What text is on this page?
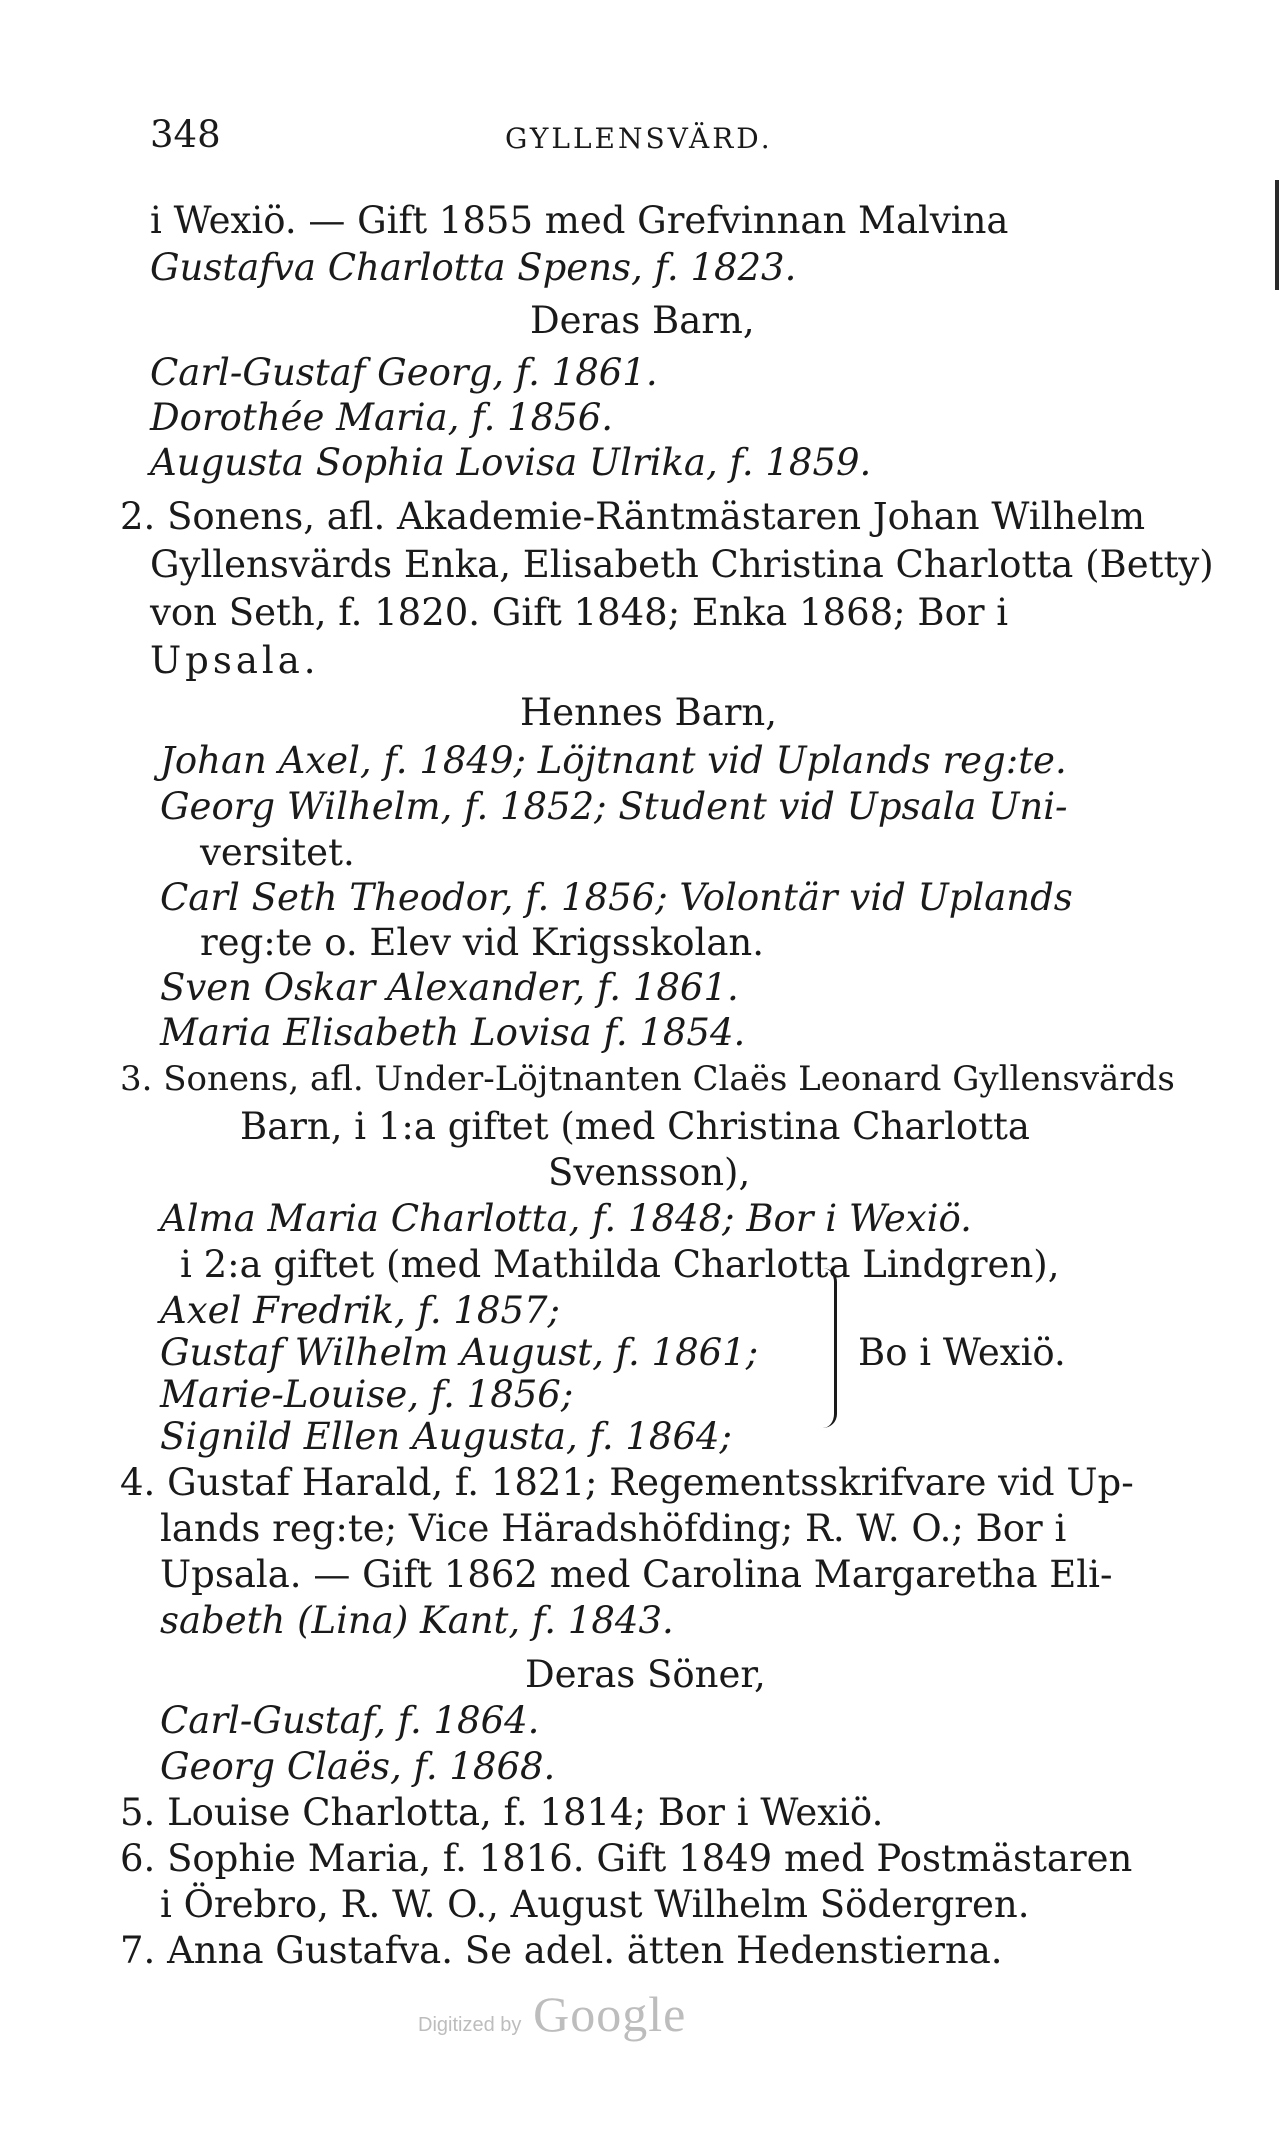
348	GYLLENSVÄRD.
i Wexiö. — Gift 1855 med Grefvinnan Malvina
Gustafva Charlotta Spens, f. 1823.
Deras Barn,
Carl-Gustaf Georg, f. 1861.
Dorothée Maria, f. 1856.
Augusta Sophia Lovisa Ulrika, f. 1859.
2. Sonens, afl. Akademie-Räntmästaren Johan Wilhelm
Gyllensvärds Enka, Elisabeth Christina Charlotta (Betty)
von Seth, f. 1820. Gift 1848; Enka 1868; Bor i
Upsala.
Hennes Barn,
Johan Axel, f. 1849; Löjtnant vid Uplands reg:te.
Georg Wilhelm, f. 1852; Student vid Upsala Uni-
versitet.
Carl Seth Theodor, f. 1856; Volontär vid Uplands
reg:te o. Elev vid Krigsskolan.
Sven Oskar Alexander, f. 1861.
Maria Elisabeth Lovisa f. 1854.
3. Sonens, afl. Under-Löjtnanten Claës Leonard Gyllensvärds
Barn, i 1:a giftet (med Christina Charlotta
Svensson),
Alma Maria Charlotta, f. 1848; Bor i Wexiö.
i 2:a giftet (med Mathilda Charlotta Lindgren),
Axel Fredrik, f. 1857;
Gustaf Wilhelm August, f. 1861;
Marie-Louise, f. 1856;
Signild Ellen Augusta, f. 1864;
Bo i Wexiö.
4. Gustaf Harald, f. 1821; Regementsskrifvare vid Up-
lands reg:te; Vice Häradshöfding; R. W. O.; Bor i
Upsala. — Gift 1862 med Carolina Margaretha Eli-
sabeth (Lina) Kant, f. 1843.
Deras Söner,
Carl-Gustaf, f. 1864.
Georg Claës, f. 1868.
5. Louise Charlotta, f. 1814; Bor i Wexiö.
6. Sophie Maria, f. 1816. Gift 1849 med Postmästaren
i Örebro, R. W. O., August Wilhelm Södergren.
7. Anna Gustafva. Se adel. ätten Hedenstierna.
Digitized by Google
